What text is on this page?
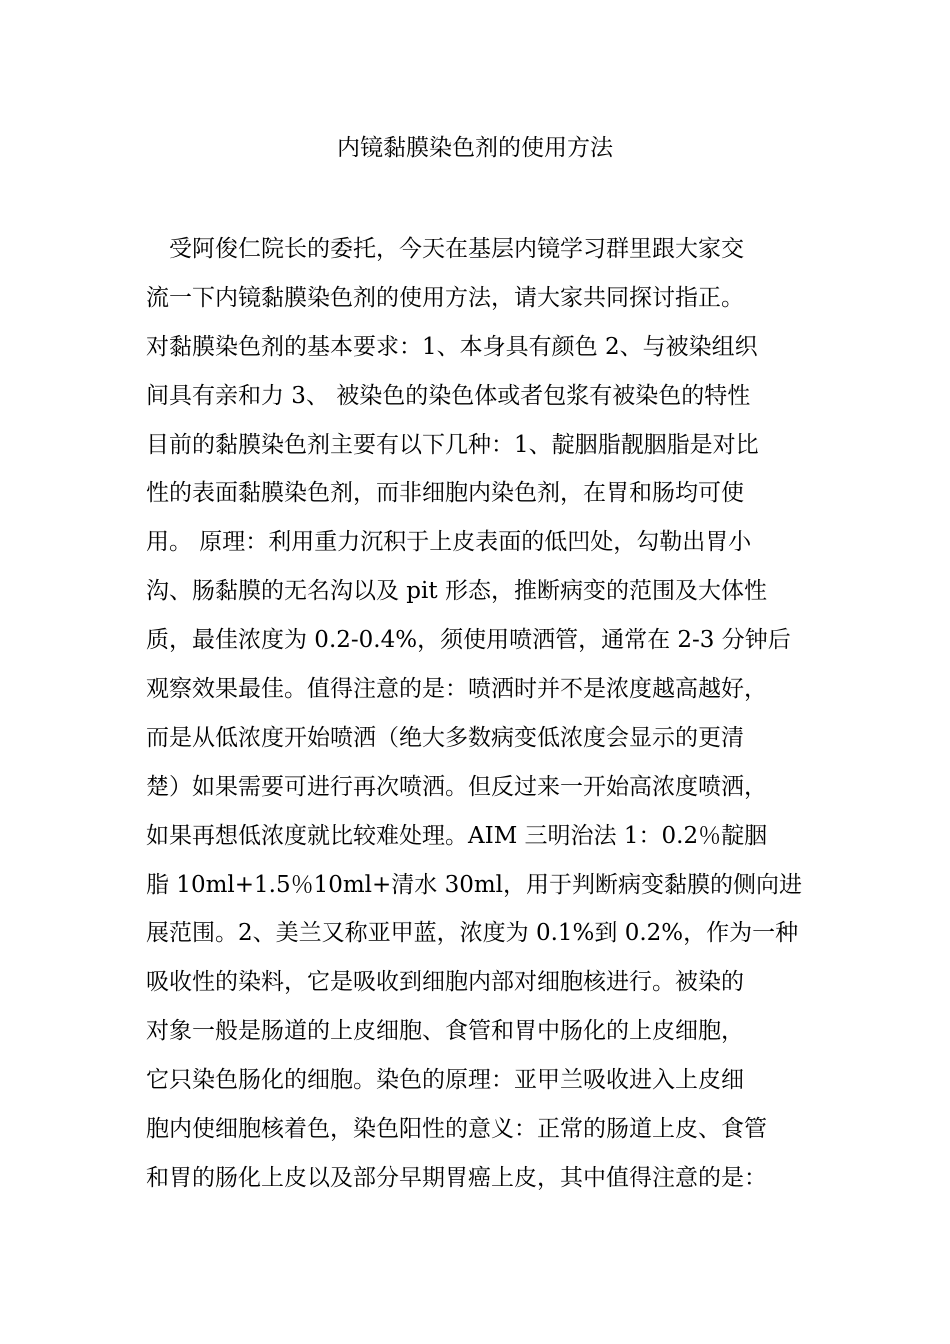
内镜黏膜染色剂的使用方法
　受阿俊仁院长的委托，今天在基层内镜学习群里跟大家交
流一下内镜黏膜染色剂的使用方法，请大家共同探讨指正。
对黏膜染色剂的基本要求：1、本身具有颜色 2、与被染组织
间具有亲和力 3、 被染色的染色体或者包浆有被染色的特性
目前的黏膜染色剂主要有以下几种：1、靛胭脂靓胭脂是对比
性的表面黏膜染色剂，而非细胞内染色剂，在胃和肠均可使
用。 原理：利用重力沉积于上皮表面的低凹处，勾勒出胃小
沟、肠黏膜的无名沟以及 pit 形态，推断病变的范围及大体性
质，最佳浓度为 0.2-0.4%，须使用喷洒管，通常在 2-3 分钟后
观察效果最佳。值得注意的是：喷洒时并不是浓度越高越好，
而是从低浓度开始喷洒（绝大多数病变低浓度会显示的更清
楚）如果需要可进行再次喷洒。但反过来一开始高浓度喷洒，
如果再想低浓度就比较难处理。AIM 三明治法 1：0.2％靛胭
脂 10ml+1.5％10ml+清水 30ml，用于判断病变黏膜的侧向进
展范围。2、美兰又称亚甲蓝，浓度为 0.1%到 0.2%，作为一种
吸收性的染料，它是吸收到细胞内部对细胞核进行。被染的
对象一般是肠道的上皮细胞、食管和胃中肠化的上皮细胞，
它只染色肠化的细胞。染色的原理：亚甲兰吸收进入上皮细
胞内使细胞核着色，染色阳性的意义：正常的肠道上皮、食管
和胃的肠化上皮以及部分早期胃癌上皮，其中值得注意的是：
